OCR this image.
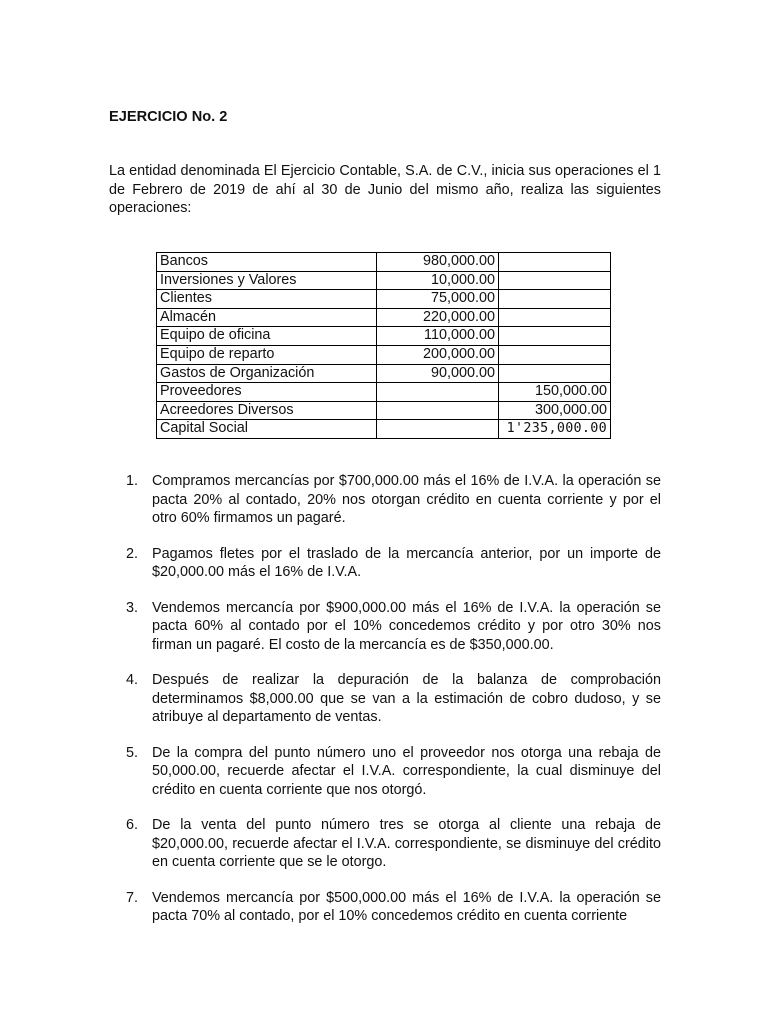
EJERCICIO No. 2
La entidad denominada El Ejercicio Contable, S.A. de C.V., inicia sus operaciones el 1 de Febrero de 2019 de ahí al 30 de Junio del mismo año, realiza las siguientes operaciones:
Bancos	980,000.00	
Inversiones y Valores	10,000.00	
Clientes	75,000.00	
Almacén	220,000.00	
Equipo de oficina	110,000.00	
Equipo de reparto	200,000.00	
Gastos de Organización	90,000.00	
Proveedores		150,000.00
Acreedores Diversos		300,000.00
Capital Social		1'235,000.00
1. Compramos mercancías por $700,000.00 más el 16% de I.V.A. la operación se pacta 20% al contado, 20% nos otorgan crédito en cuenta corriente y por el otro 60% firmamos un pagaré.
2. Pagamos fletes por el traslado de la mercancía anterior, por un importe de $20,000.00 más el 16% de I.V.A.
3. Vendemos mercancía por $900,000.00 más el 16% de I.V.A. la operación se pacta 60% al contado por el 10% concedemos crédito y por otro 30% nos firman un pagaré. El costo de la mercancía es de $350,000.00.
4. Después de realizar la depuración de la balanza de comprobación determinamos $8,000.00 que se van a la estimación de cobro dudoso, y se atribuye al departamento de ventas.
5. De la compra del punto número uno el proveedor nos otorga una rebaja de 50,000.00, recuerde afectar el I.V.A. correspondiente, la cual disminuye del crédito en cuenta corriente que nos otorgó.
6. De la venta del punto número tres se otorga al cliente una rebaja de $20,000.00, recuerde afectar el I.V.A. correspondiente, se disminuye del crédito en cuenta corriente que se le otorgo.
7. Vendemos mercancía por $500,000.00 más el 16% de I.V.A. la operación se pacta 70% al contado, por el 10% concedemos crédito en cuenta corriente
